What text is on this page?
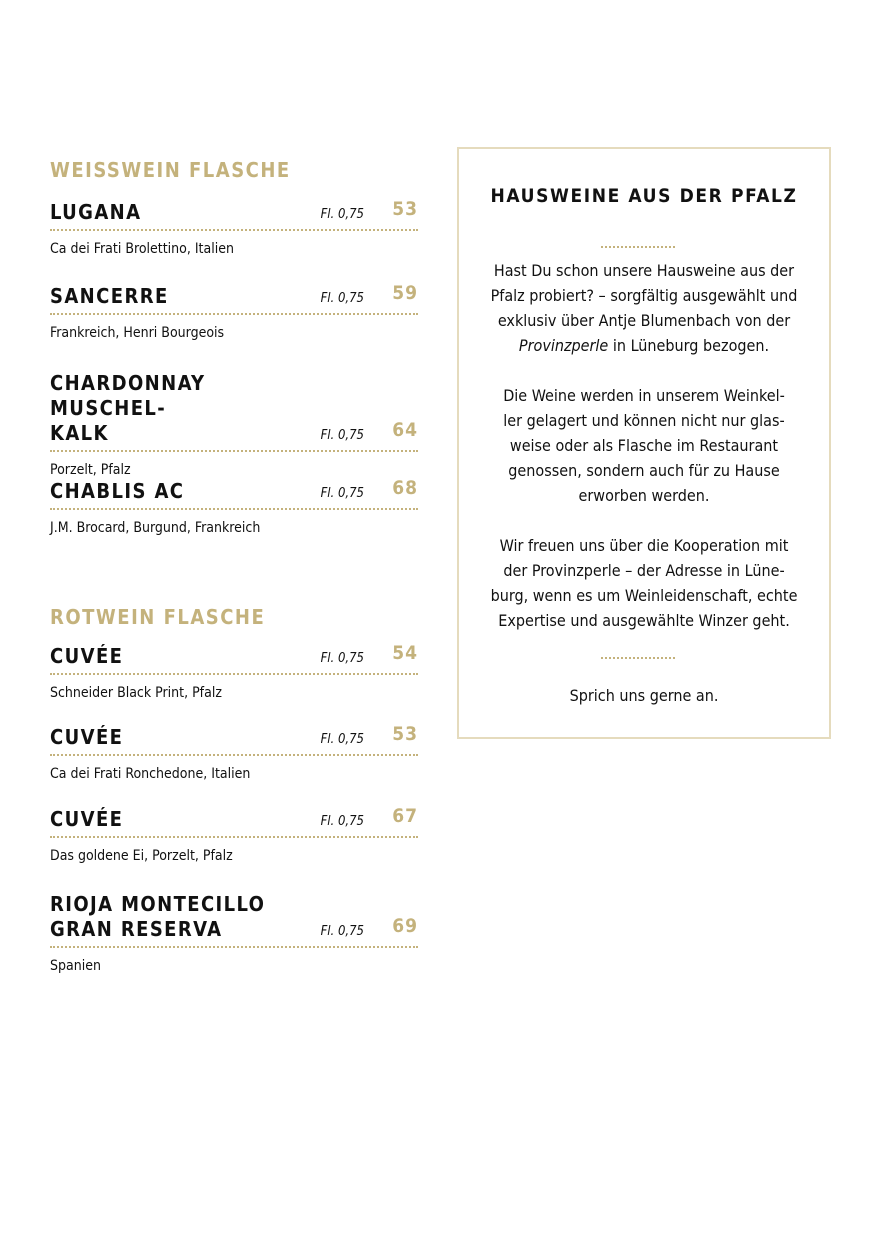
WEISSWEIN FLASCHE
LUGANA	Fl. 0,75	53
Ca dei Frati Brolettino, Italien
SANCERRE	Fl. 0,75	59
Frankreich, Henri Bourgeois
CHARDONNAY MUSCHEL-
KALK	Fl. 0,75	64
Porzelt, Pfalz
CHABLIS AC	Fl. 0,75	68
J.M. Brocard, Burgund, Frankreich
ROTWEIN FLASCHE
CUVÉE	Fl. 0,75	54
Schneider Black Print, Pfalz
CUVÉE	Fl. 0,75	53
Ca dei Frati Ronchedone, Italien
CUVÉE	Fl. 0,75	67
Das goldene Ei, Porzelt, Pfalz
RIOJA MONTECILLO
GRAN RESERVA	Fl. 0,75	69
Spanien
HAUSWEINE AUS DER PFALZ
Hast Du schon unsere Hausweine aus der
Pfalz probiert? – sorgfältig ausgewählt und
exklusiv über Antje Blumenbach von der
Provinzperle in Lüneburg bezogen.
Die Weine werden in unserem Weinkel-
ler gelagert und können nicht nur glas-
weise oder als Flasche im Restaurant
genossen, sondern auch für zu Hause
erworben werden.
Wir freuen uns über die Kooperation mit
der Provinzperle – der Adresse in Lüne-
burg, wenn es um Weinleidenschaft, echte
Expertise und ausgewählte Winzer geht.
Sprich uns gerne an.
